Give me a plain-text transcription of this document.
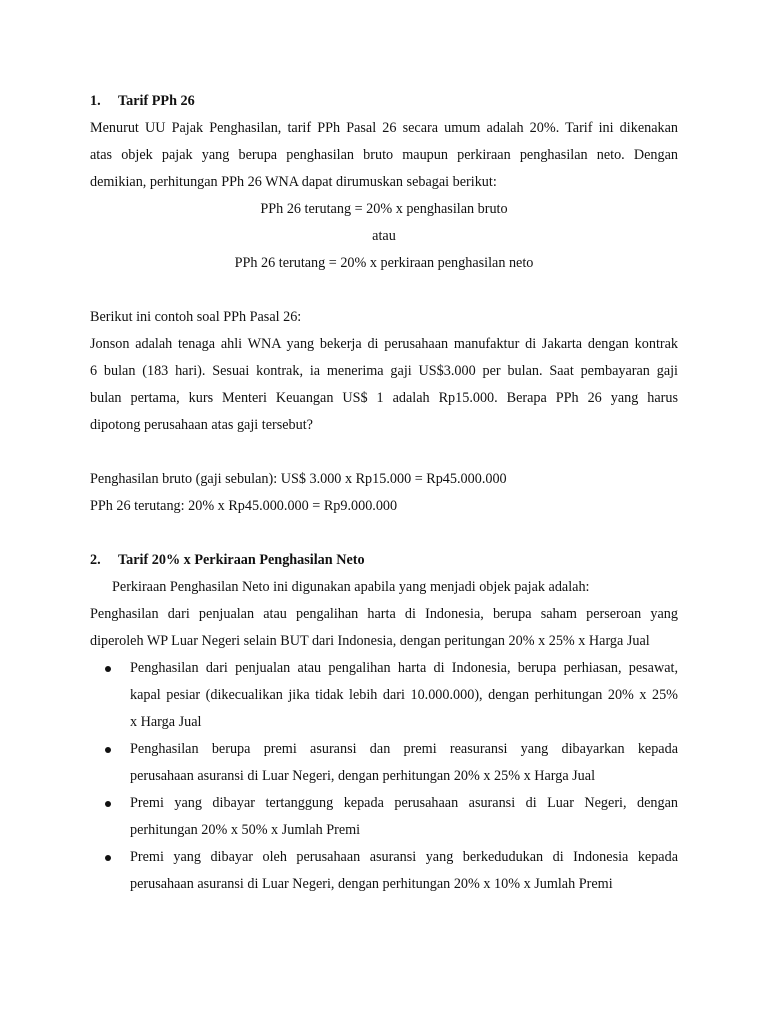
1. Tarif PPh 26
Menurut UU Pajak Penghasilan, tarif PPh Pasal 26 secara umum adalah 20%. Tarif ini dikenakan
atas objek pajak yang berupa penghasilan bruto maupun perkiraan penghasilan neto. Dengan
demikian, perhitungan PPh 26 WNA dapat dirumuskan sebagai berikut:
PPh 26 terutang = 20% x penghasilan bruto
atau
PPh 26 terutang = 20% x perkiraan penghasilan neto
Berikut ini contoh soal PPh Pasal 26:
Jonson adalah tenaga ahli WNA yang bekerja di perusahaan manufaktur di Jakarta dengan kontrak
6 bulan (183 hari). Sesuai kontrak, ia menerima gaji US$3.000 per bulan. Saat pembayaran gaji
bulan pertama, kurs Menteri Keuangan US$ 1 adalah Rp15.000. Berapa PPh 26 yang harus
dipotong perusahaan atas gaji tersebut?
Penghasilan bruto (gaji sebulan): US$ 3.000 x Rp15.000 = Rp45.000.000
PPh 26 terutang: 20% x Rp45.000.000 = Rp9.000.000
2. Tarif 20% x Perkiraan Penghasilan Neto
Perkiraan Penghasilan Neto ini digunakan apabila yang menjadi objek pajak adalah:
Penghasilan dari penjualan atau pengalihan harta di Indonesia, berupa saham perseroan yang
diperoleh WP Luar Negeri selain BUT dari Indonesia, dengan peritungan 20% x 25% x Harga Jual
Penghasilan dari penjualan atau pengalihan harta di Indonesia, berupa perhiasan, pesawat,
kapal pesiar (dikecualikan jika tidak lebih dari 10.000.000), dengan perhitungan 20% x 25%
x Harga Jual
Penghasilan berupa premi asuransi dan premi reasuransi yang dibayarkan kepada
perusahaan asuransi di Luar Negeri, dengan perhitungan 20% x 25% x Harga Jual
Premi yang dibayar tertanggung kepada perusahaan asuransi di Luar Negeri, dengan
perhitungan 20% x 50% x Jumlah Premi
Premi yang dibayar oleh perusahaan asuransi yang berkedudukan di Indonesia kepada
perusahaan asuransi di Luar Negeri, dengan perhitungan 20% x 10% x Jumlah Premi
